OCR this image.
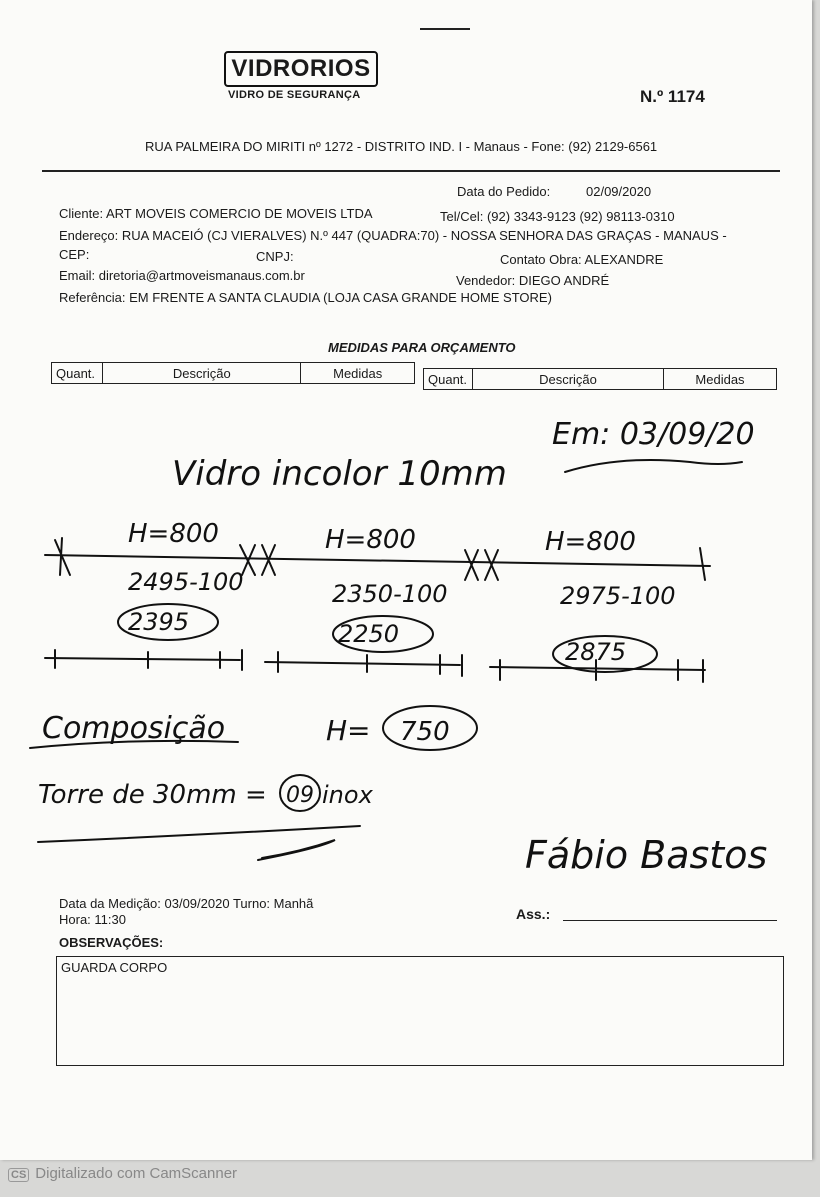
VIDRORIOS
VIDRO DE SEGURANÇA	N.º 1174
RUA PALMEIRA DO MIRITI nº 1272 - DISTRITO IND. I - Manaus - Fone: (92) 2129-6561
Data do Pedido:	02/09/2020
Cliente: ART MOVEIS COMERCIO DE MOVEIS LTDA	Tel/Cel: (92) 3343-9123 (92) 98113-0310
Endereço: RUA MACEIÓ (CJ VIERALVES) N.º 447 (QUADRA:70) - NOSSA SENHORA DAS GRAÇAS - MANAUS -
CEP:	CNPJ:	Contato Obra: ALEXANDRE
Email: diretoria@artmoveismanaus.com.br	Vendedor: DIEGO ANDRÉ
Referência: EM FRENTE A SANTA CLAUDIA (LOJA CASA GRANDE HOME STORE)
MEDIDAS PARA ORÇAMENTO
Quant.	Descrição	Medidas	Quant.	Descrição	Medidas
Em: 03/09/20
Vidro incolor 10mm
H=800	H=800	H=800
2495-100	2350-100	2975-100
2395	2250
2875
Composição	H= 750
Torre de 30mm = 09 inox
Fábio Bastos
Data da Medição: 03/09/2020 Turno: Manhã
Hora: 11:30	Ass.:
OBSERVAÇÕES:
GUARDA CORPO
CS Digitalizado com CamScanner
